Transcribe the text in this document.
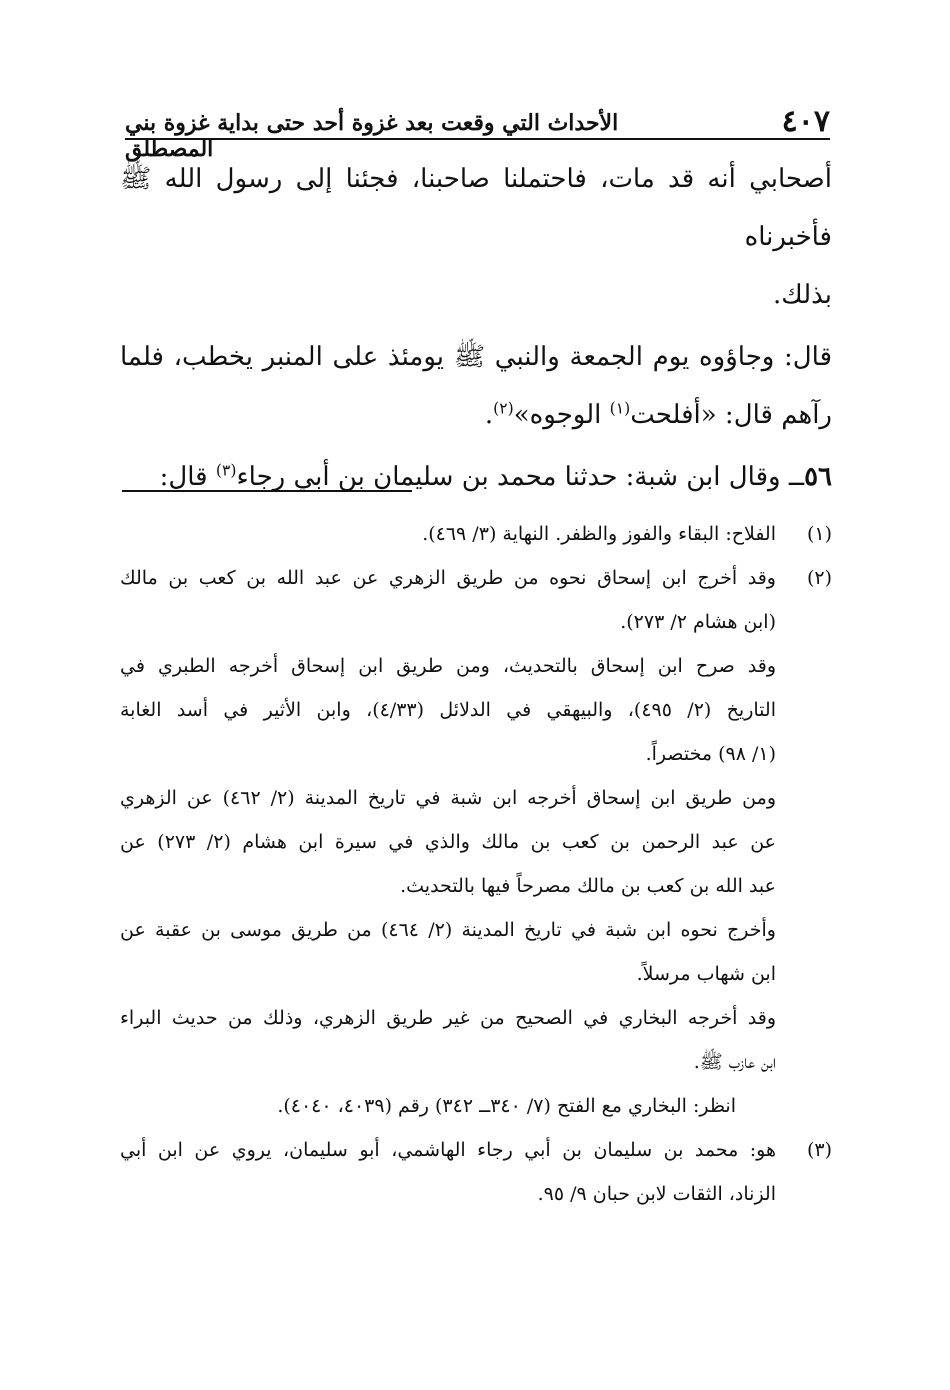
٤٠٧
الأحداث التي وقعت بعد غزوة أحد حتى بداية غزوة بني المصطلق

أصحابي أنه قد مات، فاحتملنا صاحبنا، فجئنا إلى رسول الله ﷺ فأخبرناه

بذلك.

قال: وجاؤوه يوم الجمعة والنبي ﷺ يومئذ على المنبر يخطب، فلما

رآهم قال: «أفلحت$^{(١)}$ الوجوه»$^{(٢)}$.

٥٦ــ وقال ابن شبة: حدثنا محمد بن سليمان بن أبي رجاء$^{(٣)}$ قال:

(١)

الفلاح: البقاء والفوز والظفر. النهاية (٣/ ٤٦٩).

(٢)

وقد أخرج ابن إسحاق نحوه من طريق الزهري عن عبد الله بن كعب بن مالك

(ابن هشام ٢/ ٢٧٣).

وقد صرح ابن إسحاق بالتحديث، ومن طريق ابن إسحاق أخرجه الطبري في

التاريخ (٢/ ٤٩٥)، والبيهقي في الدلائل (٤/٣٣)، وابن الأثير في أسد الغابة

(١/ ٩٨) مختصراً.

ومن طريق ابن إسحاق أخرجه ابن شبة في تاريخ المدينة (٢/ ٤٦٢) عن الزهري

عن عبد الرحمن بن كعب بن مالك والذي في سيرة ابن هشام (٢/ ٢٧٣) عن

عبد الله بن كعب بن مالك مصرحاً فيها بالتحديث.

وأخرج نحوه ابن شبة في تاريخ المدينة (٢/ ٤٦٤) من طريق موسى بن عقبة عن

ابن شهاب مرسلاً.

وقد أخرجه البخاري في الصحيح من غير طريق الزهري، وذلك من حديث البراء

ابن عازب ﷺ.

انظر: البخاري مع الفتح (٧/ ٣٤٠ــ ٣٤٢) رقم (٤٠٣٩، ٤٠٤٠).

(٣)

هو: محمد بن سليمان بن أبي رجاء الهاشمي، أبو سليمان، يروي عن ابن أبي

الزناد، الثقات لابن حبان ٩/ ٩٥.
